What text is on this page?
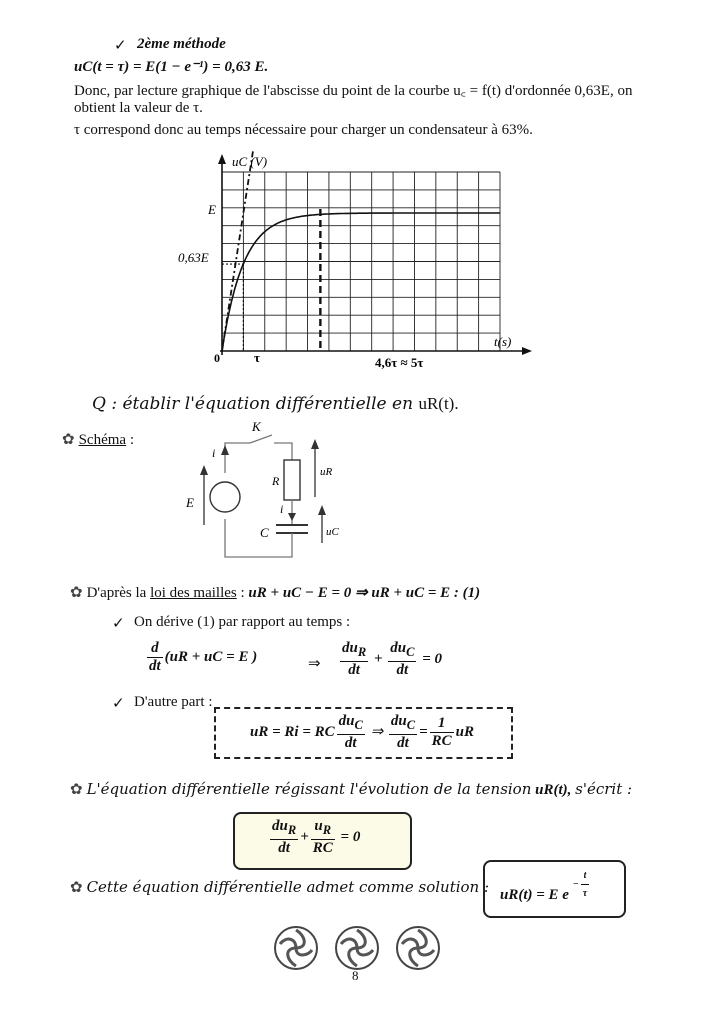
✓ 2ème méthode
uC(t = τ) = E(1 − e⁻¹) = 0,63 E.
Donc, par lecture graphique de l'abscisse du point de la courbe u꜀ = f(t) d'ordonnée 0,63E, on
obtient la valeur de τ.
τ correspond donc au temps nécessaire pour charger un condensateur à 63%.
uC (V)
t(s)
E
0,63E
0	τ	4,6τ ≈ 5τ
Q : établir l'équation différentielle en uR(t).
✿ Schéma :
K
i
E
R
i
C
uR
uC
✿ D'après la loi des mailles : uR + uC − E = 0 ⇒ uR + uC = E : (1)
✓ On dérive (1) par rapport au temps :
$\frac{d}{dt} (uR$ + uC = E )	⇒ $\frac{du_R}{dt} + \frac{du_C}{dt} = 0$
✓ D'autre part :
uR = Ri = RC $\frac{du_C}{dt}$ ⇒ $\frac{du_C}{dt} = \frac{1}{RC}$ uR
✿ L'équation différentielle régissant l'évolution de la tension uR(t), s'écrit :
$\frac{du_R}{dt} + \frac{u_R}{RC} = 0$
✿ Cette équation différentielle admet comme solution : uR(t) = E $e - \frac{t}{\tau}$
8
